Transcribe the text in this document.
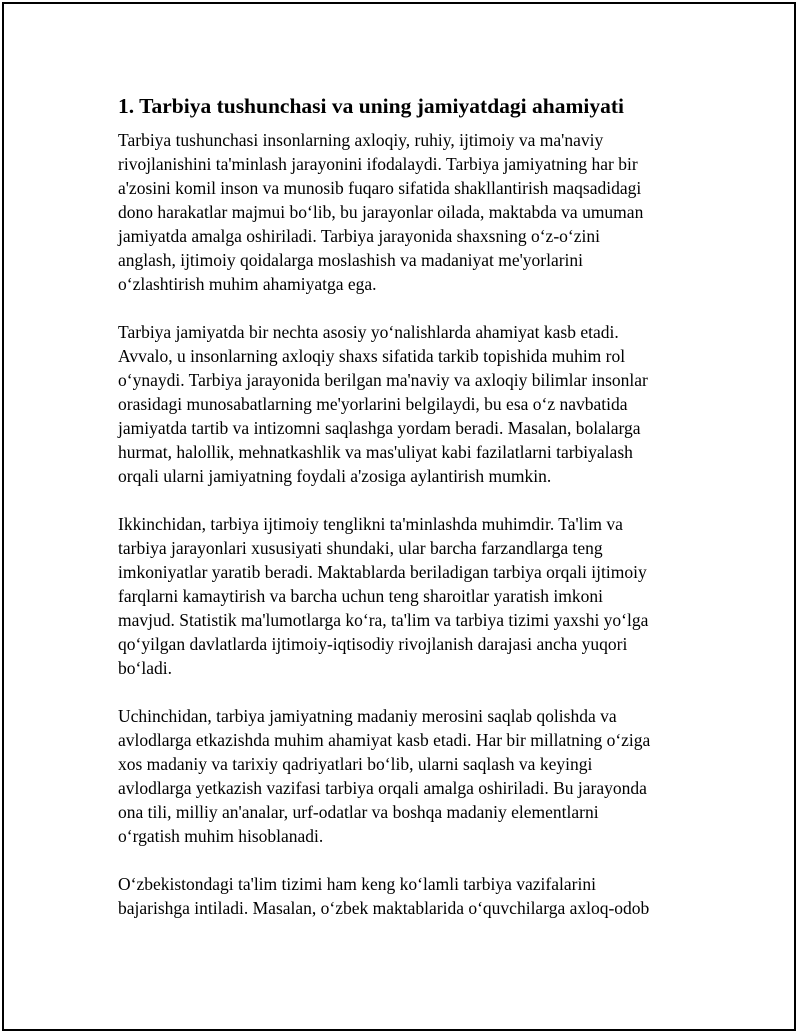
1. Tarbiya tushunchasi va uning jamiyatdagi ahamiyati

Tarbiya tushunchasi insonlarning axloqiy, ruhiy, ijtimoiy va ma'naviy
rivojlanishini ta'minlash jarayonini ifodalaydi. Tarbiya jamiyatning har bir
a'zosini komil inson va munosib fuqaro sifatida shakllantirish maqsadidagi
dono harakatlar majmui bo‘lib, bu jarayonlar oilada, maktabda va umuman
jamiyatda amalga oshiriladi. Tarbiya jarayonida shaxsning o‘z-o‘zini
anglash, ijtimoiy qoidalarga moslashish va madaniyat me'yorlarini
o‘zlashtirish muhim ahamiyatga ega.

Tarbiya jamiyatda bir nechta asosiy yo‘nalishlarda ahamiyat kasb etadi.
Avvalo, u insonlarning axloqiy shaxs sifatida tarkib topishida muhim rol
o‘ynaydi. Tarbiya jarayonida berilgan ma'naviy va axloqiy bilimlar insonlar
orasidagi munosabatlarning me'yorlarini belgilaydi, bu esa o‘z navbatida
jamiyatda tartib va intizomni saqlashga yordam beradi. Masalan, bolalarga
hurmat, halollik, mehnatkashlik va mas'uliyat kabi fazilatlarni tarbiyalash
orqali ularni jamiyatning foydali a'zosiga aylantirish mumkin.

Ikkinchidan, tarbiya ijtimoiy tenglikni ta'minlashda muhimdir. Ta'lim va
tarbiya jarayonlari xususiyati shundaki, ular barcha farzandlarga teng
imkoniyatlar yaratib beradi. Maktablarda beriladigan tarbiya orqali ijtimoiy
farqlarni kamaytirish va barcha uchun teng sharoitlar yaratish imkoni
mavjud. Statistik ma'lumotlarga ko‘ra, ta'lim va tarbiya tizimi yaxshi yo‘lga
qo‘yilgan davlatlarda ijtimoiy-iqtisodiy rivojlanish darajasi ancha yuqori
bo‘ladi.

Uchinchidan, tarbiya jamiyatning madaniy merosini saqlab qolishda va
avlodlarga etkazishda muhim ahamiyat kasb etadi. Har bir millatning o‘ziga
xos madaniy va tarixiy qadriyatlari bo‘lib, ularni saqlash va keyingi
avlodlarga yetkazish vazifasi tarbiya orqali amalga oshiriladi. Bu jarayonda
ona tili, milliy an'analar, urf-odatlar va boshqa madaniy elementlarni
o‘rgatish muhim hisoblanadi.

O‘zbekistondagi ta'lim tizimi ham keng ko‘lamli tarbiya vazifalarini
bajarishga intiladi. Masalan, o‘zbek maktablarida o‘quvchilarga axloq-odob
